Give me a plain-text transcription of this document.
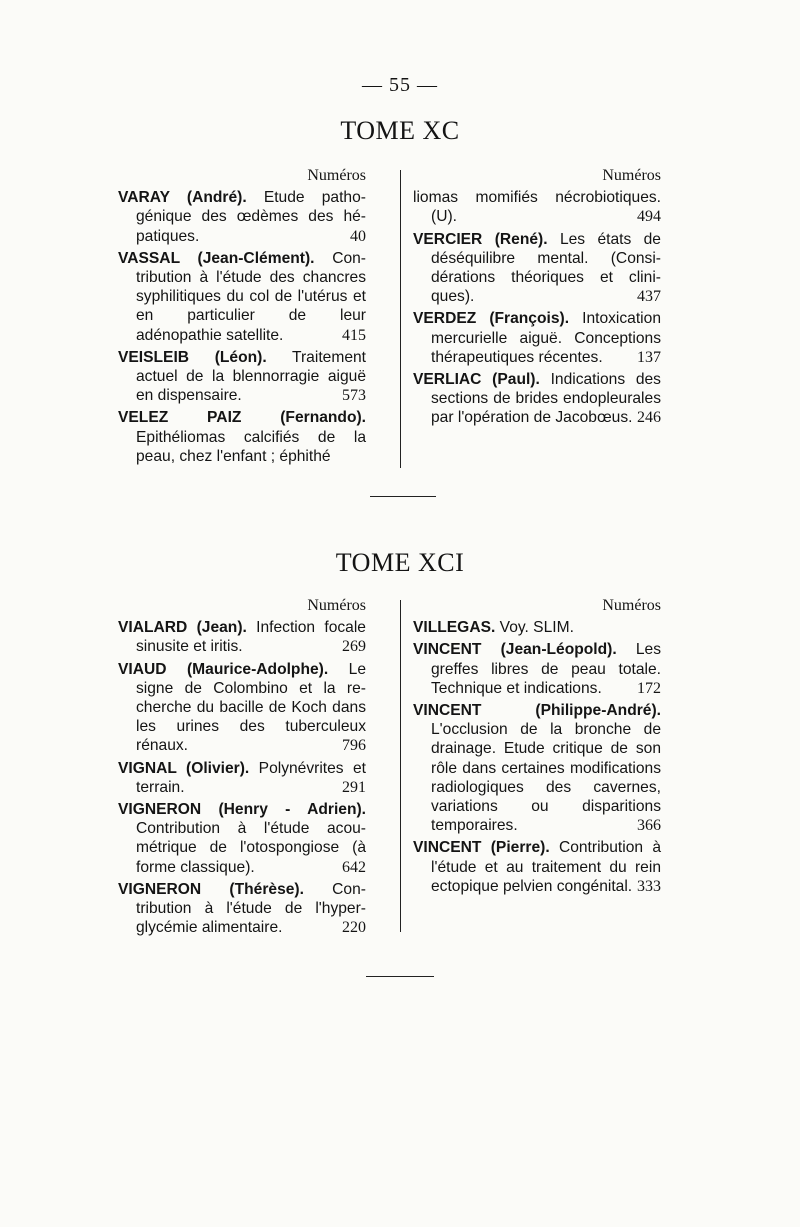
— 55 —
TOME XC
Numéros

VARAY (André). Etude pathogénique des œdèmes des hépatiques.	40

VASSAL (Jean-Clément). Contribution à l'étude des chancres syphilitiques du col de l'utérus et en particulier de leur adénopathie satellite.	415

VEISLEIB (Léon). Traitement actuel de la blennorragie aiguë en dispensaire.	573

VELEZ PAIZ (Fernando). Epithéliomas calcifiés de la peau, chez l'enfant ; éphithé

Numéros

liomas momifiés nécrobiotiques. (U).	494

VERCIER (René). Les états de déséquilibre mental. (Considérations théoriques et cliniques).	437

VERDEZ (François). Intoxication mercurielle aiguë. Conceptions thérapeutiques récentes. 137

VERLIAC (Paul). Indications des sections de brides endopleurales par l'opération de Jacobœus. 246

TOME XCI
Numéros

VIALARD (Jean). Infection focale sinusite et iritis.	269

VIAUD (Maurice-Adolphe). Le signe de Colombino et la recherche du bacille de Koch dans les urines des tuberculeux rénaux.	796

VIGNAL (Olivier). Polynévrites et terrain.	291

VIGNERON (Henry - Adrien). Contribution à l'étude acoumétrique de l'otospongiose (à forme classique).	642

VIGNERON (Thérèse). Contribution à l'étude de l'hyperglycémie alimentaire.	220

Numéros

VILLEGAS. Voy. SLIM.

VINCENT (Jean-Léopold). Les greffes libres de peau totale. Technique et indications. 172

VINCENT (Philippe-André). L'occlusion de la bronche de drainage. Etude critique de son rôle dans certaines modifications radiologiques des cavernes, variations ou disparitions temporaires.	366

VINCENT (Pierre). Contribution à l'étude et au traitement du rein ectopique pelvien congénital. 333
